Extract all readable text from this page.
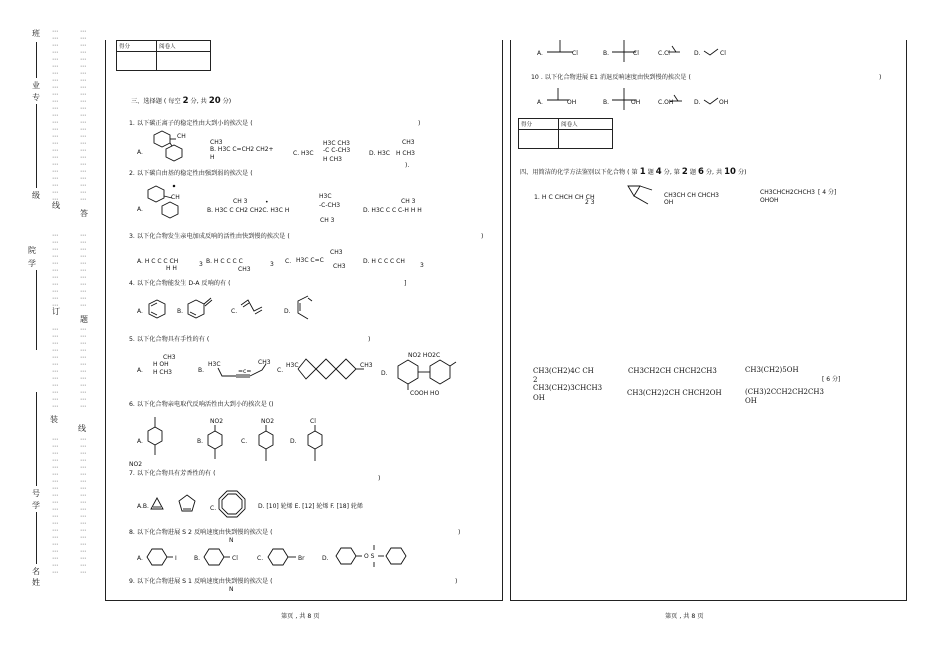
班
业
专
级
线
答
院
学
订
题
装
线
号
学
名
姓
⋯
⋯
⋯
⋯
⋯
⋯
⋯
⋯
⋯
⋯
⋯
⋯
⋯
⋯
⋯
⋯
⋯
⋯
⋯
⋯
⋯
⋯
⋯
⋯
⋯
⋯
⋯
⋯
⋯
⋯
⋯
⋯
⋯
⋯
⋯
⋯
⋯
⋯
⋯
⋯
⋯
⋯
⋯
⋯
⋯
⋯
⋯
⋯
⋯
⋯
⋯
⋯
⋯
⋯
⋯
⋯
⋯
⋯
⋯
⋯
⋯
⋯
⋯
⋯
⋯
⋯
⋯
⋯
⋯
⋯
⋯
⋯
⋯
⋯
⋯
⋯
⋯
⋯
⋯
⋯
⋯
⋯
⋯
⋯
⋯
⋯
⋯
⋯
⋯
⋯
⋯
⋯
⋯
⋯
⋯
⋯
⋯
⋯
⋯
⋯
⋯
⋯
⋯
⋯
⋯
⋯
⋯
⋯
⋯
⋯
⋯
⋯
⋯
⋯
⋯
⋯
⋯
⋯
⋯
⋯
⋯
⋯
⋯
⋯
⋯
⋯
⋯
⋯
⋯
⋯
⋯
⋯
⋯
⋯
⋯
⋯
得分	阅卷人

三、选择题 ( 每空 2 分, 共 20 分)
1. 以下碳正离子的稳定性由大到小的挨次是 (	)
A.
CH
CH3
B. H3C C=CH2 CH2+
H
C. H3C
H3C CH3
-C C-CH3
H CH3
D. H3C
CH3
H CH3
).
2. 以下碳自由基的稳定性由强到弱的挨次是 (
A.
CH
CH 3
B. H3C C CH2 CH2C. H3C H
•
H3C
-C-CH3
CH 3
CH 3
D. H3C C C C-H H H
3. 以下化合物发生亲电加成反响的活性由快到慢的挨次是 (	)
A. H C C C CH
H H
3 B. H C C C C
CH3
3 C.
CH3
H3C C=C
CH3
D. H C C C CH
3
4. 以下化合物能发生 D-A 反响的有 (	]
A.	B.	C.	D.
5. 以下化合物具有手性的有 (	)
A.
CH3
H OH
H CH3	B.
H3C	CH3
=c=	C.
H3C	CH3
D.
NO2 HO2C
COOH HO
6. 以下化合物亲电取代反响活性由大到小的挨次是 ()
A.	B.
NO2
C.
NO2
D.
Cl
NO2
7. 以下化合物具有芳香性的有 (
)
A.B.	C.	D. [10] 轮烯 E. [12] 轮烯 F. [18] 轮烯
8. 以下化合物进展 S 2 反响速度由快到慢的挨次是 (
N
)
A.	I	B.	Cl	C.	Br	D.	O S
9. 以下化合物进展 S 1 反响速度由快到慢的挨次是 (
N
)
第页 , 共 8 页
A.	Cl	B.	Cl	C.Cl	D.	Cl
10 . 以下化合物进展 E1 消退反响速度由快到慢的挨次是 (	)
A.	OH	B.	OH	C.OH	D.	OH
得分	阅卷人

四、用简洁的化学方法鉴别以下化合物 ( 第 1 题 4 分, 第 2 题 6 分, 共 10 分)
1. H C CHCH CH CH
2 3
CH3CH CH CHCH3
OH
CH3CHCH2CHCH3
OHOH
[ 4 分]
CH3(CH2)4C CH
2
CH3(CH2)3CHCH3
OH
CH3CH2CH CHCH2CH3
CH3(CH2)2CH CHCH2OH
CH3(CH2)5OH
[ 6 分]
(CH3)2CCH2CH2CH3
OH
第页 , 共 8 页
